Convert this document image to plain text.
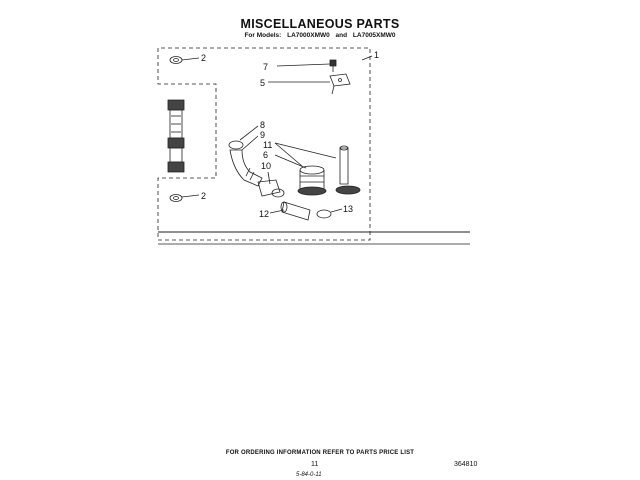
MISCELLANEOUS PARTS
For Models: LA7000XMW0 and LA7005XMW0
1
2
7
5
8
9
11
6
10
2
13
12
FOR ORDERING INFORMATION REFER TO PARTS PRICE LIST
11	364810
5-84-0-11
